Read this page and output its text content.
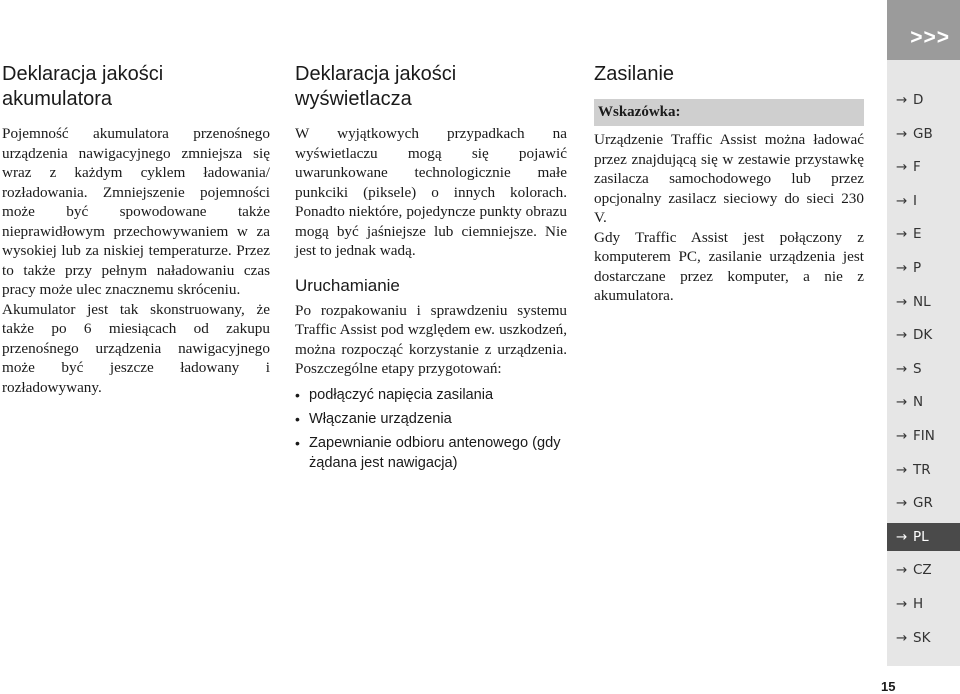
Deklaracja jakości akumulatora

Pojemność akumulatora przenośnego urządzenia nawigacyjnego zmniejsza się wraz z każdym cyklem ładowania/ rozładowania. Zmniejszenie pojemności może być spowodowane także nieprawidłowym przechowywaniem w za wysokiej lub za niskiej temperaturze. Przez to także przy pełnym naładowaniu czas pracy może ulec znacznemu skróceniu.

Akumulator jest tak skonstruowany, że także po 6 miesiącach od zakupu przenośnego urządzenia nawigacyjnego może być jeszcze ładowany i rozładowywany.

Deklaracja jakości wyświetlacza

W wyjątkowych przypadkach na wyświetlaczu mogą się pojawić uwarunkowane technologicznie małe punkciki (piksele) o innych kolorach. Ponadto niektóre, pojedyncze punkty obrazu mogą być jaśniejsze lub ciemniejsze. Nie jest to jednak wadą.

Uruchamianie

Po rozpakowaniu i sprawdzeniu systemu Traffic Assist pod względem ew. uszkodzeń, można rozpocząć korzystanie z urządzenia. Poszczególne etapy przygotowań:

• podłączyć napięcia zasilania
• Włączanie urządzenia
• Zapewnianie odbioru antenowego (gdy żądana jest nawigacja)
Zasilanie
Wskazówka:

Urządzenie Traffic Assist można ładować przez znajdującą się w zestawie przystawkę zasilacza samochodowego lub przez opcjonalny zasilacz sieciowy do sieci 230 V.

Gdy Traffic Assist jest połączony z komputerem PC, zasilanie urządzenia jest dostarczane przez komputer, a nie z akumulatora.

>>>
→ D
→ GB
→ F
→ I
→ E
→ P
→ NL
→ DK
→ S
→ N
→ FIN
→ TR
→ GR
→ PL
→ CZ
→ H
→ SK
15
